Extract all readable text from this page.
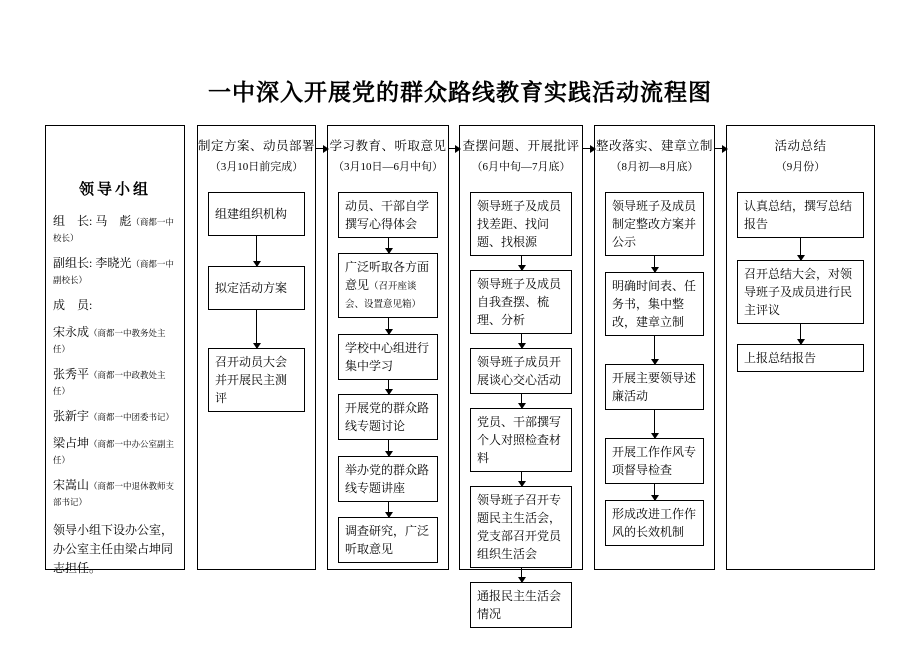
一中深入开展党的群众路线教育实践活动流程图
领导小组
组　长: 马　彪（商都一中校长）
副组长: 李晓光（商都一中副校长）
成　员:
宋永成（商都一中教务处主任）
张秀平（商都一中政教处主任）
张新宇（商都一中团委书记）
梁占坤（商都一中办公室副主任）
宋嵩山（商都一中退休教师支部书记）
领导小组下设办公室，办公室主任由梁占坤同志担任。
制定方案、动员部署
（3月10日前完成）
组建组织机构
拟定活动方案
召开动员大会并开展民主测评
学习教育、听取意见
（3月10日—6月中旬）
动员、干部自学撰写心得体会
广泛听取各方面意见（召开座谈会、设置意见箱）
学校中心组进行集中学习
开展党的群众路线专题讨论
举办党的群众路线专题讲座
调查研究，广泛听取意见
查摆问题、开展批评
（6月中旬—7月底）
领导班子及成员找差距、找问题、找根源
领导班子及成员自我查摆、梳理、分析
领导班子成员开展谈心交心活动
党员、干部撰写个人对照检查材料
领导班子召开专题民主生活会，党支部召开党员组织生活会
通报民主生活会情况
整改落实、建章立制
（8月初—8月底）
领导班子及成员制定整改方案并公示
明确时间表、任务书，集中整改，建章立制
开展主要领导述廉活动
开展工作作风专项督导检查
形成改进工作作风的长效机制
活动总结
（9月份）
认真总结，撰写总结报告
召开总结大会，对领导班子及成员进行民主评议
上报总结报告
